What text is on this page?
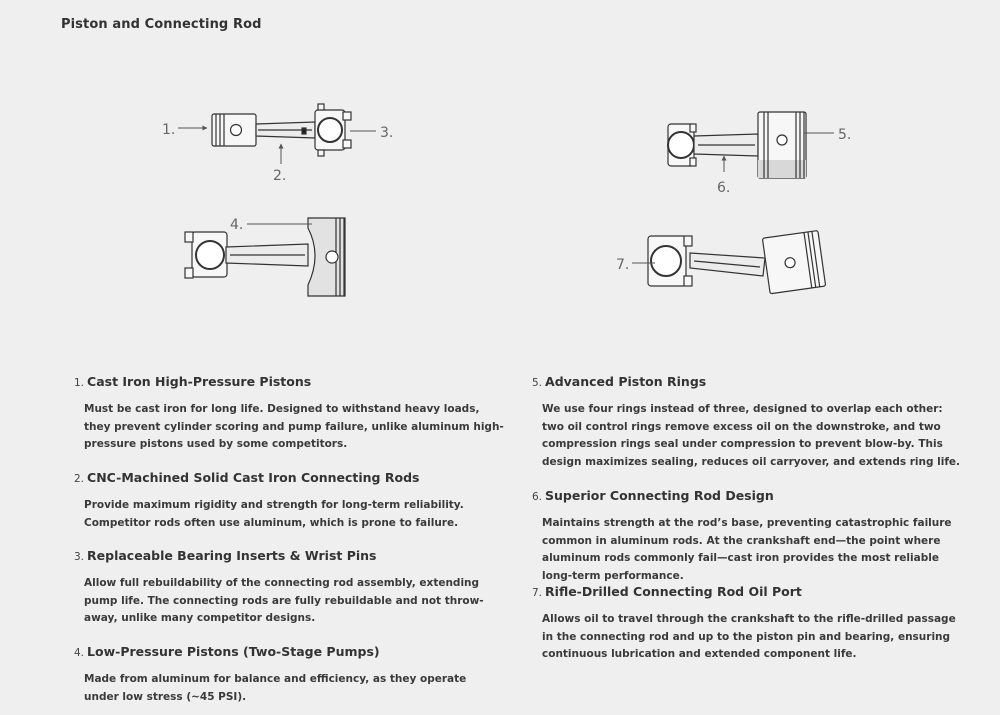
Piston and Connecting Rod
1.
2.
3.
4.
5.
6.
7.
1. Cast Iron High-Pressure Pistons
Must be cast iron for long life. Designed to withstand heavy loads, they prevent cylinder scoring and pump failure, unlike aluminum high-pressure pistons used by some competitors.
2. CNC-Machined Solid Cast Iron Connecting Rods
Provide maximum rigidity and strength for long-term reliability. Competitor rods often use aluminum, which is prone to failure.
3. Replaceable Bearing Inserts & Wrist Pins
Allow full rebuildability of the connecting rod assembly, extending pump life. The connecting rods are fully rebuildable and not throw-away, unlike many competitor designs.
4. Low-Pressure Pistons (Two-Stage Pumps)
Made from aluminum for balance and efficiency, as they operate under low stress (~45 PSI).
5. Advanced Piston Rings
We use four rings instead of three, designed to overlap each other: two oil control rings remove excess oil on the downstroke, and two compression rings seal under compression to prevent blow-by. This design maximizes sealing, reduces oil carryover, and extends ring life.
6. Superior Connecting Rod Design
Maintains strength at the rod’s base, preventing catastrophic failure common in aluminum rods. At the crankshaft end—the point where aluminum rods commonly fail—cast iron provides the most reliable long-term performance.
7. Rifle-Drilled Connecting Rod Oil Port
Allows oil to travel through the crankshaft to the rifle-drilled passage in the connecting rod and up to the piston pin and bearing, ensuring continuous lubrication and extended component life.
